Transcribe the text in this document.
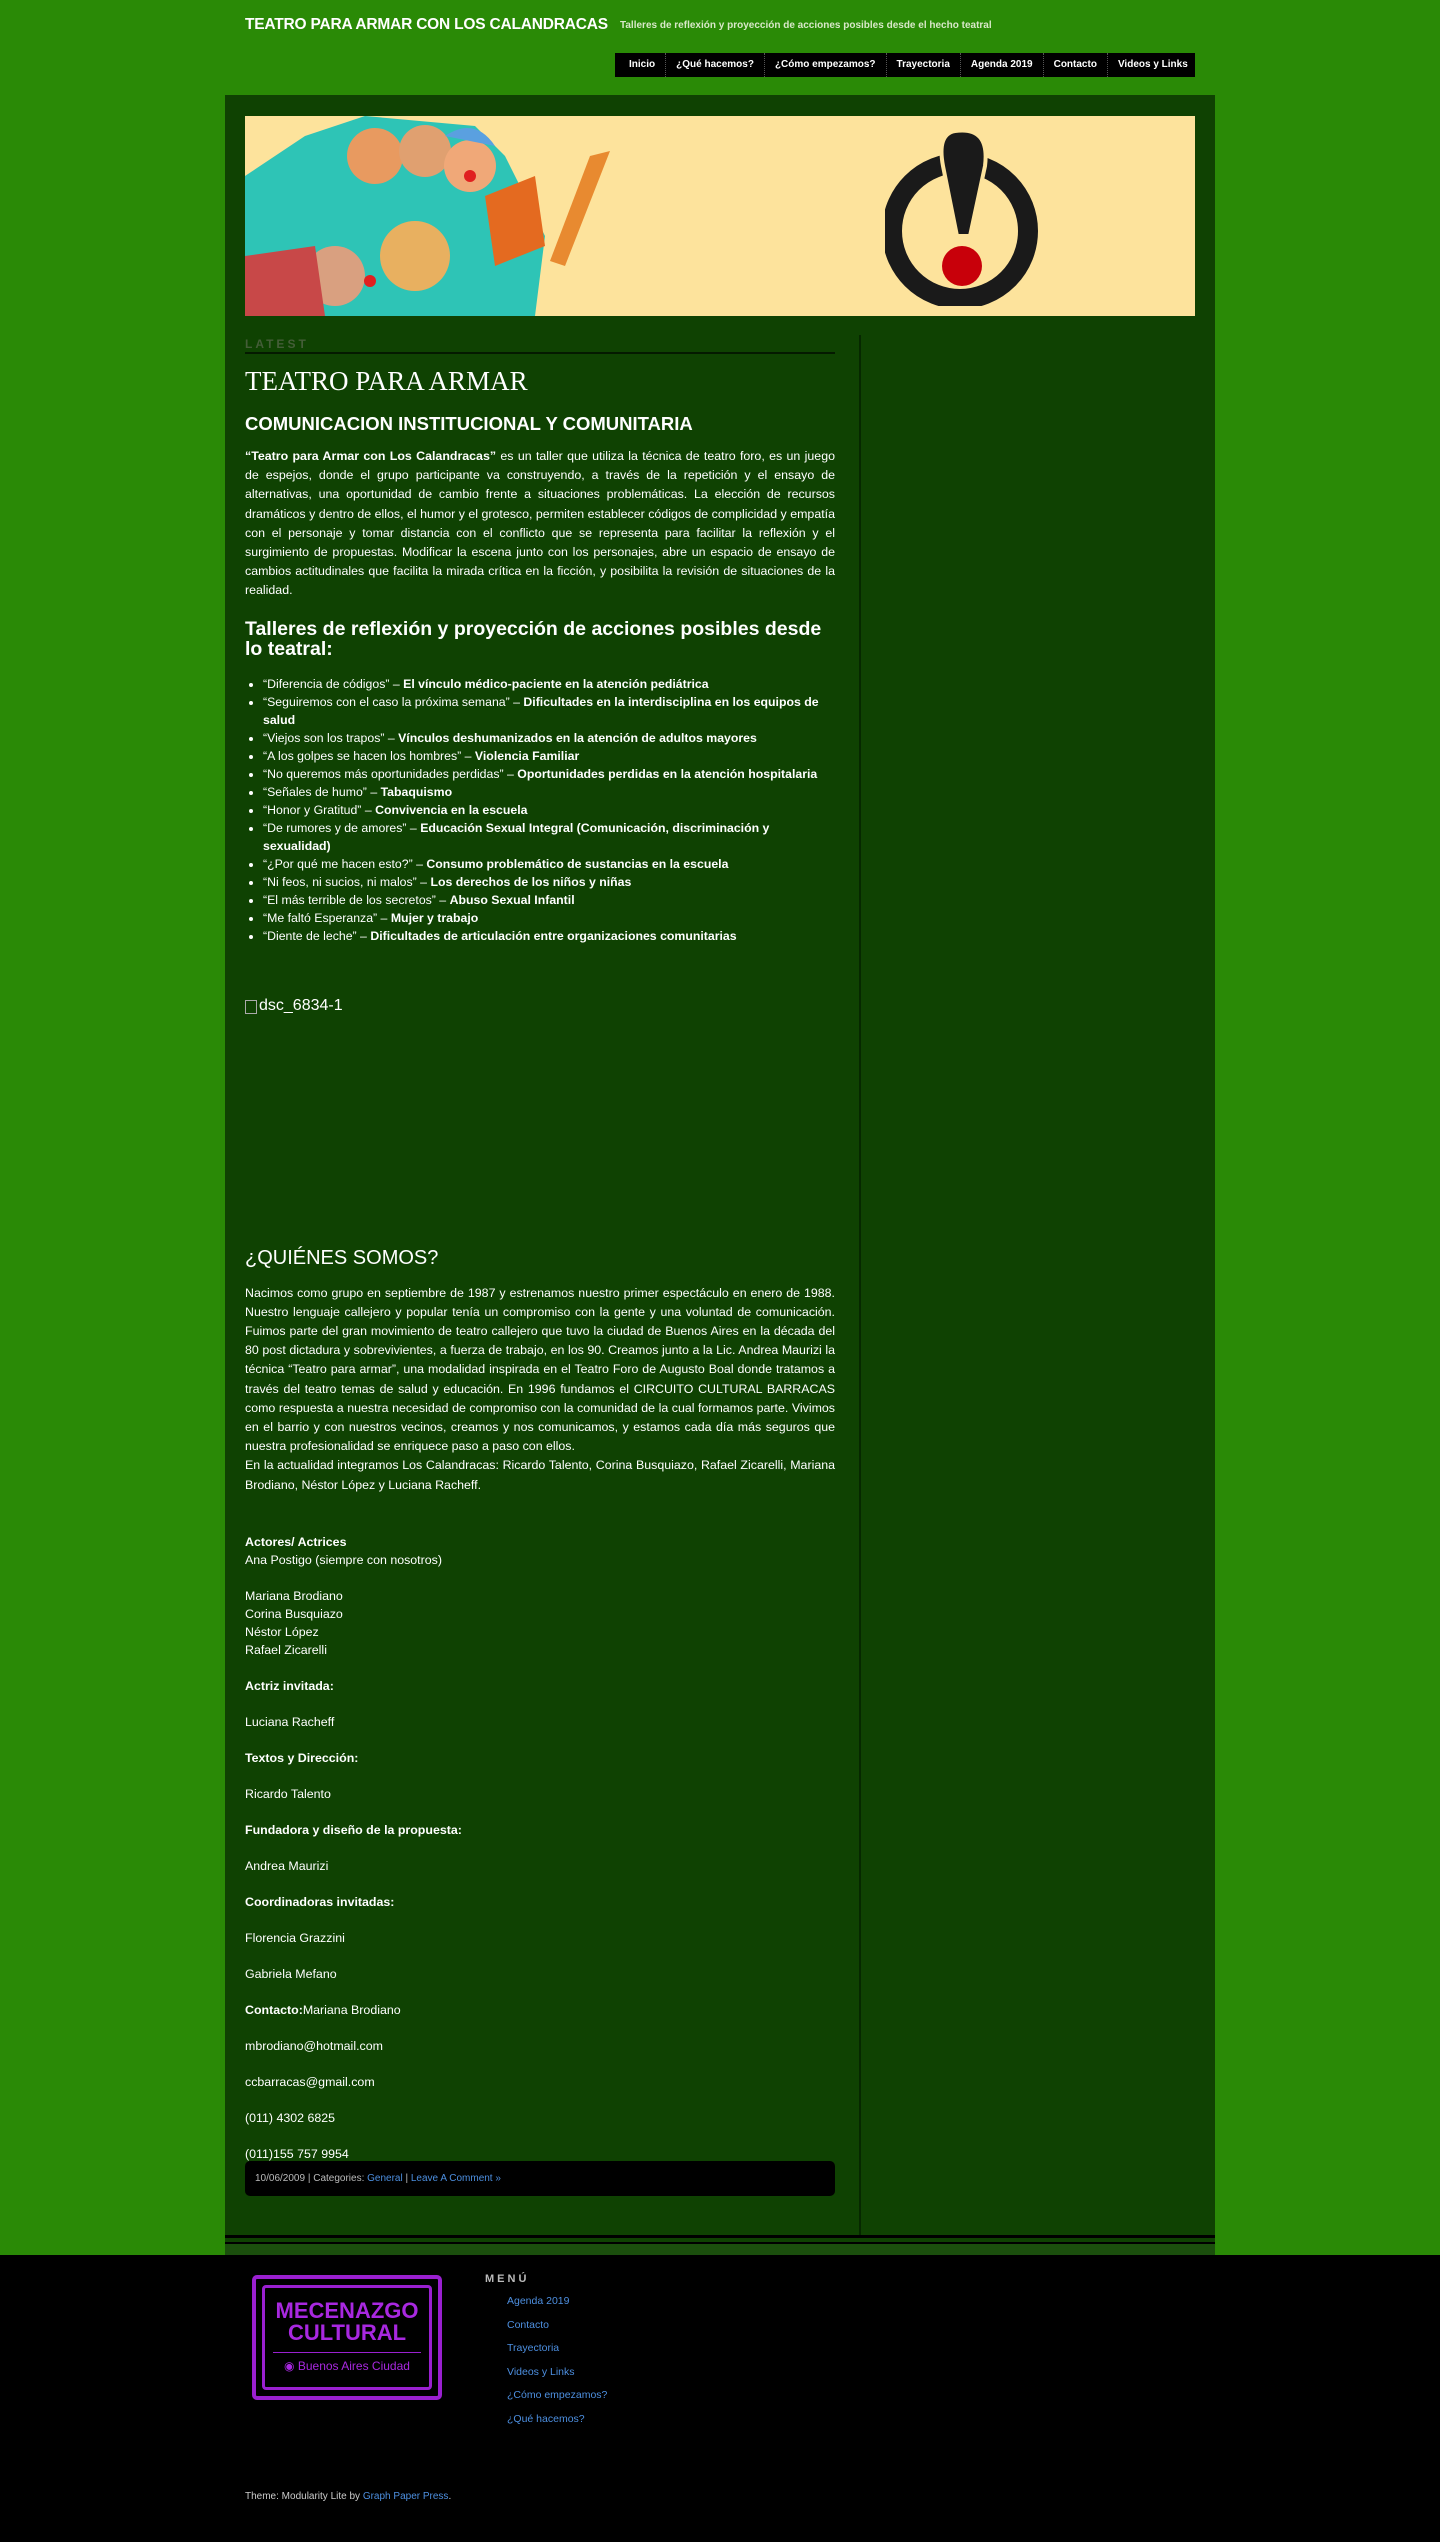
TEATRO PARA ARMAR CON LOS CALANDRACAS Talleres de reflexión y proyección de acciones posibles desde el hecho teatral
Inicio	¿Qué hacemos?	¿Cómo empezamos?	Trayectoria	Agenda 2019	Contacto	Videos y Links
LATEST
TEATRO PARA ARMAR
COMUNICACION INSTITUCIONAL Y COMUNITARIA

“Teatro para Armar con Los Calandracas” es un taller que utiliza la técnica de teatro foro, es un juego de espejos, donde el grupo participante va construyendo, a través de la repetición y el ensayo de alternativas, una oportunidad de cambio frente a situaciones problemáticas. La elección de recursos dramáticos y dentro de ellos, el humor y el grotesco, permiten establecer códigos de complicidad y empatía con el personaje y tomar distancia con el conflicto que se representa para facilitar la reflexión y el surgimiento de propuestas. Modificar la escena junto con los personajes, abre un espacio de ensayo de cambios actitudinales que facilita la mirada crítica en la ficción, y posibilita la revisión de situaciones de la realidad.

Talleres de reflexión y proyección de acciones posibles desde lo teatral:
• “Diferencia de códigos” – El vínculo médico-paciente en la atención pediátrica
• “Seguiremos con el caso la próxima semana” – Dificultades en la interdisciplina en los equipos de salud
• “Viejos son los trapos” – Vínculos deshumanizados en la atención de adultos mayores
• “A los golpes se hacen los hombres” – Violencia Familiar
• “No queremos más oportunidades perdidas” – Oportunidades perdidas en la atención hospitalaria
• “Señales de humo” – Tabaquismo
• “Honor y Gratitud” – Convivencia en la escuela
• “De rumores y de amores” – Educación Sexual Integral (Comunicación, discriminación y sexualidad)
• “¿Por qué me hacen esto?” – Consumo problemático de sustancias en la escuela
• “Ni feos, ni sucios, ni malos” – Los derechos de los niños y niñas
• “El más terrible de los secretos” – Abuso Sexual Infantil
• “Me faltó Esperanza” – Mujer y trabajo
• “Diente de leche” – Dificultades de articulación entre organizaciones comunitarias
dsc_6834-1
¿QUIÉNES SOMOS?

Nacimos como grupo en septiembre de 1987 y estrenamos nuestro primer espectáculo en enero de 1988. Nuestro lenguaje callejero y popular tenía un compromiso con la gente y una voluntad de comunicación. Fuimos parte del gran movimiento de teatro callejero que tuvo la ciudad de Buenos Aires en la década del 80 post dictadura y sobrevivientes, a fuerza de trabajo, en los 90. Creamos junto a la Lic. Andrea Maurizi la técnica “Teatro para armar”, una modalidad inspirada en el Teatro Foro de Augusto Boal donde tratamos a través del teatro temas de salud y educación. En 1996 fundamos el CIRCUITO CULTURAL BARRACAS como respuesta a nuestra necesidad de compromiso con la comunidad de la cual formamos parte. Vivimos en el barrio y con nuestros vecinos, creamos y nos comunicamos, y estamos cada día más seguros que nuestra profesionalidad se enriquece paso a paso con ellos.

En la actualidad integramos Los Calandracas: Ricardo Talento, Corina Busquiazo, Rafael Zicarelli, Mariana Brodiano, Néstor López y Luciana Racheff.

Actores/ Actrices
Ana Postigo (siempre con nosotros)
Mariana Brodiano
Corina Busquiazo
Néstor López
Rafael Zicarelli
Actriz invitada:
Luciana Racheff
Textos y Dirección:
Ricardo Talento
Fundadora y diseño de la propuesta:
Andrea Maurizi
Coordinadoras invitadas:
Florencia Grazzini
Gabriela Mefano
Contacto:Mariana Brodiano
mbrodiano@hotmail.com
ccbarracas@gmail.com
(011) 4302 6825
(011)155 757 9954
10/06/2009 | Categories: General | Leave A Comment »
MECENAZGO
CULTURAL
◉ Buenos Aires Ciudad
MENÚ
Agenda 2019
Contacto
Trayectoria
Videos y Links
¿Cómo empezamos?
¿Qué hacemos?
Theme: Modularity Lite by Graph Paper Press.
